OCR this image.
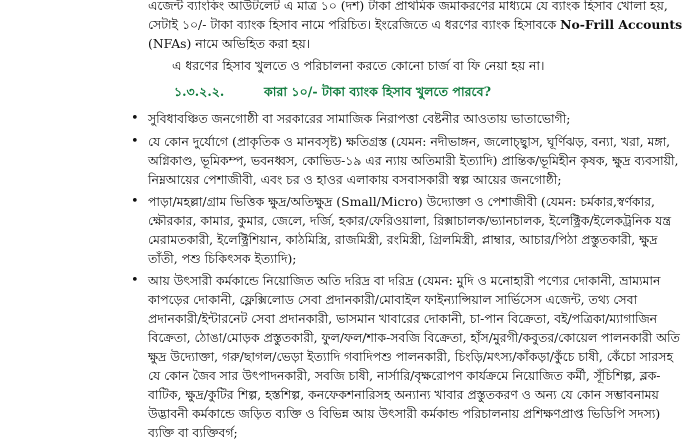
এজেন্ট ব্যাংকিং আউটলেট এ মাত্র ১০ (দশ) টাকা প্রাথমিক জমাকরণের মাধ্যমে যে ব্যাংক হিসাব খোলা হয়,
সেটাই ১০/- টাকা ব্যাংক হিসাব নামে পরিচিত। ইংরেজিতে এ ধরণের ব্যাংক হিসাবকে No-Frill Accounts
(NFAs) নামে অভিহিত করা হয়।
এ ধরণের হিসাব খুলতে ও পরিচালনা করতে কোনো চার্জ বা ফি নেয়া হয় না।
১.৩.২.২.	কারা ১০/- টাকা ব্যাংক হিসাব খুলতে পারবে?
• সুবিধাবঞ্চিত জনগোষ্ঠী বা সরকারের সামাজিক নিরাপত্তা বেষ্টনীর আওতায় ভাতাভোগী;
• যে কোন দুর্যোগে (প্রাকৃতিক ও মানবসৃষ্ট) ক্ষতিগ্রস্ত (যেমন: নদীভাঙ্গন, জলোচ্ছ্বাস, ঘূর্ণিঝড়, বন্যা, খরা, মঙ্গা,
অগ্নিকাণ্ড, ভূমিকম্প, ভবনধ্বস, কোভিড-১৯ এর ন্যায় অতিমারী ইত্যাদি) প্রান্তিক/ভূমিহীন কৃষক, ক্ষুদ্র ব্যবসায়ী,
নিম্নআয়ের পেশাজীবী, এবং চর ও হাওর এলাকায় বসবাসকারী স্বল্প আয়ের জনগোষ্ঠী;
• পাড়া/মহল্লা/গ্রাম ভিত্তিক ক্ষুদ্র/অতিক্ষুদ্র (Small/Micro) উদ্যোক্তা ও পেশাজীবী (যেমন: চর্মকার,স্বর্ণকার,
ক্ষৌরকার, কামার, কুমার, জেলে, দর্জি, হকার/ফেরিওয়ালা, রিক্সাচালক/ভ্যানচালক, ইলেক্ট্রিক/ইলেকট্রনিক যন্ত্র
মেরামতকারী, ইলেক্ট্রিশিয়ান, কাঠমিস্ত্রি, রাজমিস্ত্রী, রংমিস্ত্রী, গ্রিলমিস্ত্রী, প্লাম্বার, আচার/পিঠা প্রস্তুতকারী, ক্ষুদ্র
তাঁতী, পশু চিকিৎসক ইত্যাদি);
• আয় উৎসারী কর্মকান্ডে নিয়োজিত অতি দরিদ্র বা দরিদ্র (যেমন: মুদি ও মনোহারী পণ্যের দোকানী, ভ্রাম্যমান
কাপড়ের দোকানী, ফ্লেক্সিলোড সেবা প্রদানকারী/মোবাইল ফাইন্যান্সিয়াল সার্ভিসেস এজেন্ট, তথ্য সেবা
প্রদানকারী/ইন্টারনেট সেবা প্রদানকারী, ভাসমান খাবারের দোকানী, চা-পান বিক্রেতা, বই/পত্রিকা/ম্যাগাজিন
বিক্রেতা, ঠোঙা/মোড়ক প্রস্তুতকারী, ফুল/ফল/শাক-সবজি বিক্রেতা, হাঁস/মুরগী/কবুতর/কোয়েল পালনকারী অতি
ক্ষুদ্র উদ্যোক্তা, গরু/ছাগল/ভেড়া ইত্যাদি গবাদিপশু পালনকারী, চিংড়ি/মৎস্য/কাঁকড়া/কুঁচে চাষী, কেঁচো সারসহ
যে কোন জৈব সার উৎপাদনকারী, সবজি চাষী, নার্সারি/বৃক্ষরোপণ কার্যক্রমে নিয়োজিত কর্মী, সূঁচিশিল্প, ব্লক-
বাটিক, ক্ষুদ্র/কুটির শিল্প, হস্তশিল্প, কনফেকশনারিসহ অন্যান্য খাবার প্রস্তুতকরণ ও অন্য যে কোন সম্ভাবনাময়
উদ্ভাবনী কর্মকান্ডে জড়িত ব্যক্তি ও বিভিন্ন আয় উৎসারী কর্মকান্ড পরিচালনায় প্রশিক্ষণপ্রাপ্ত ভিডিপি সদস্য)
ব্যক্তি বা ব্যক্তিবর্গ;
